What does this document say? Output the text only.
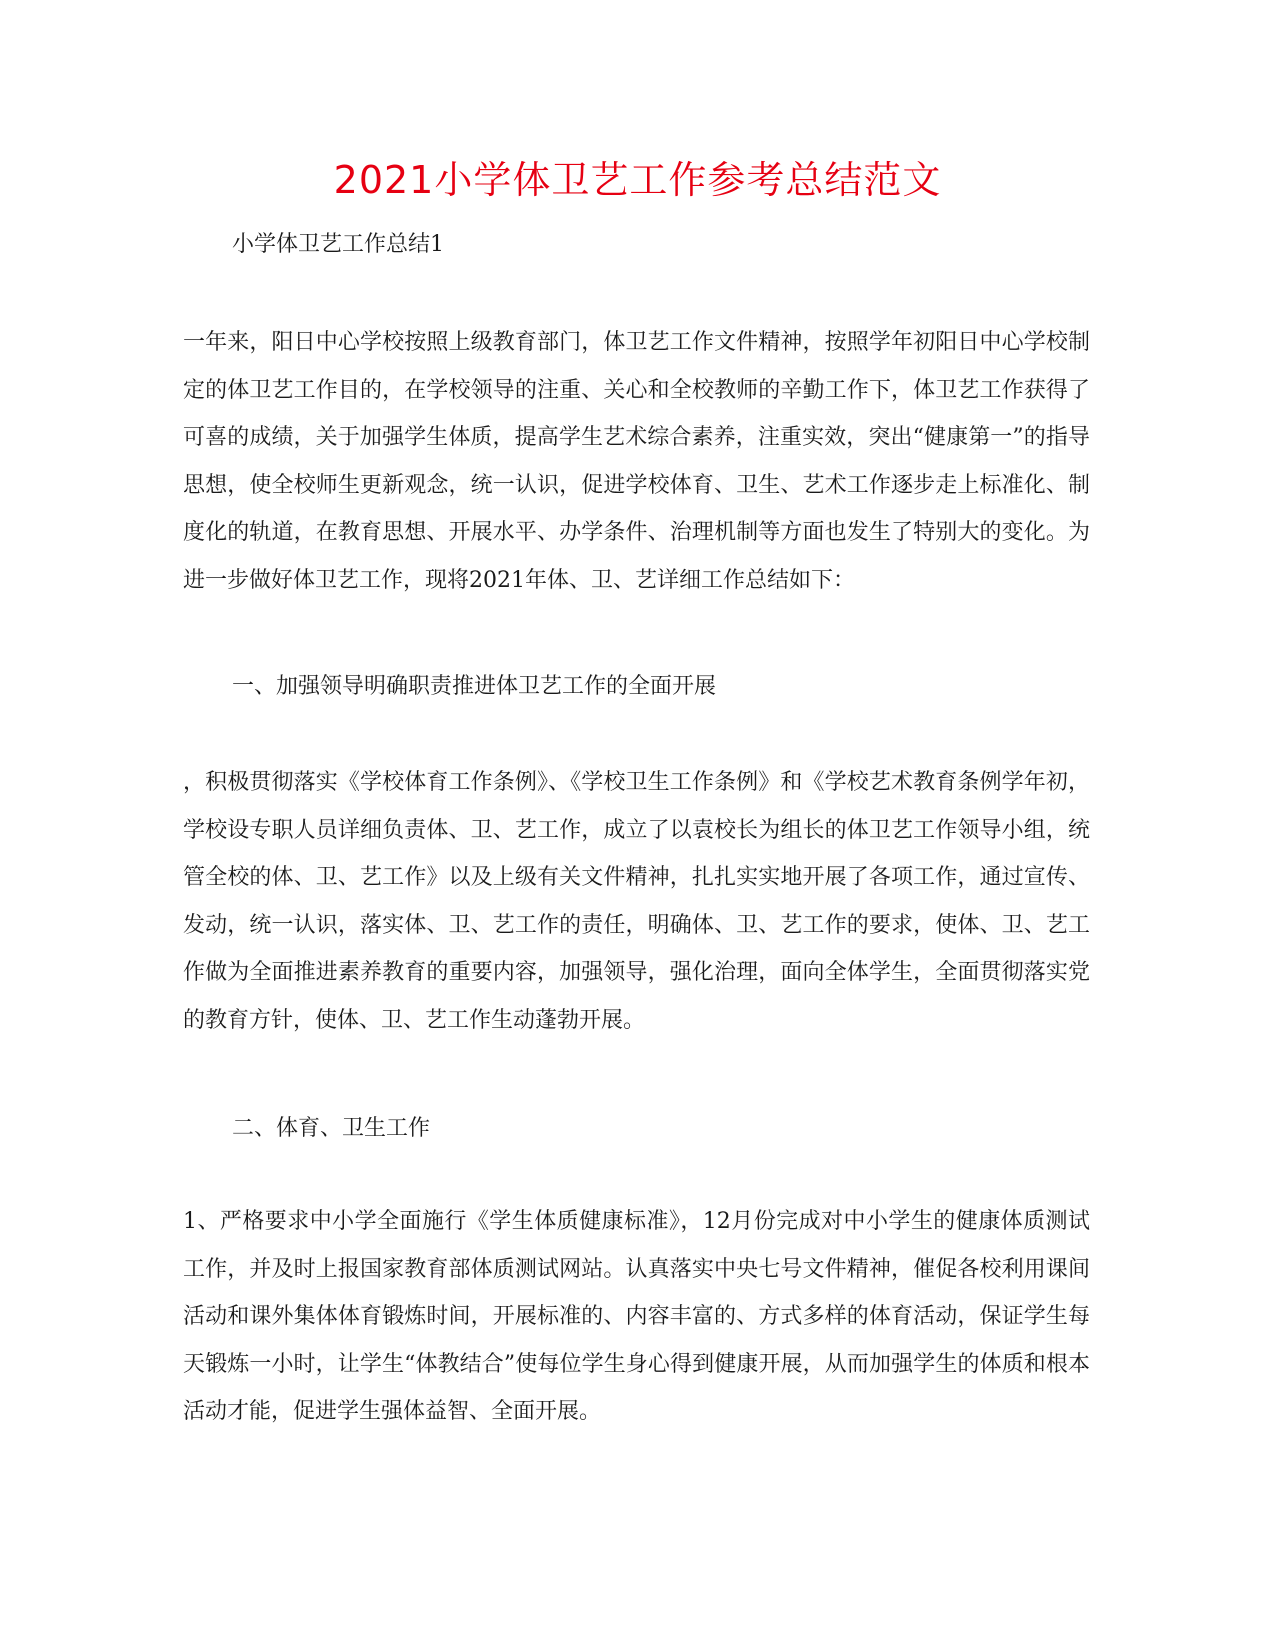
2021小学体卫艺工作参考总结范文

小学体卫艺工作总结1

一年来，阳日中心学校按照上级教育部门，体卫艺工作文件精神，按照学年初阳日中心学校制定的体卫艺工作目的，在学校领导的注重、关心和全校教师的辛勤工作下，体卫艺工作获得了可喜的成绩，关于加强学生体质，提高学生艺术综合素养，注重实效，突出“健康第一”的指导思想，使全校师生更新观念，统一认识，促进学校体育、卫生、艺术工作逐步走上标准化、制度化的轨道，在教育思想、开展水平、办学条件、治理机制等方面也发生了特别大的变化。为进一步做好体卫艺工作，现将2021年体、卫、艺详细工作总结如下：

一、加强领导明确职责推进体卫艺工作的全面开展

，积极贯彻落实《学校体育工作条例》、《学校卫生工作条例》和《学校艺术教育条例学年初，学校设专职人员详细负责体、卫、艺工作，成立了以袁校长为组长的体卫艺工作领导小组，统管全校的体、卫、艺工作》以及上级有关文件精神，扎扎实实地开展了各项工作，通过宣传、发动，统一认识，落实体、卫、艺工作的责任，明确体、卫、艺工作的要求，使体、卫、艺工作做为全面推进素养教育的重要内容，加强领导，强化治理，面向全体学生，全面贯彻落实党的教育方针，使体、卫、艺工作生动蓬勃开展。

二、体育、卫生工作

1、严格要求中小学全面施行《学生体质健康标准》，12月份完成对中小学生的健康体质测试工作，并及时上报国家教育部体质测试网站。认真落实中央七号文件精神，催促各校利用课间活动和课外集体体育锻炼时间，开展标准的、内容丰富的、方式多样的体育活动，保证学生每天锻炼一小时，让学生“体教结合”使每位学生身心得到健康开展，从而加强学生的体质和根本活动才能，促进学生强体益智、全面开展。
